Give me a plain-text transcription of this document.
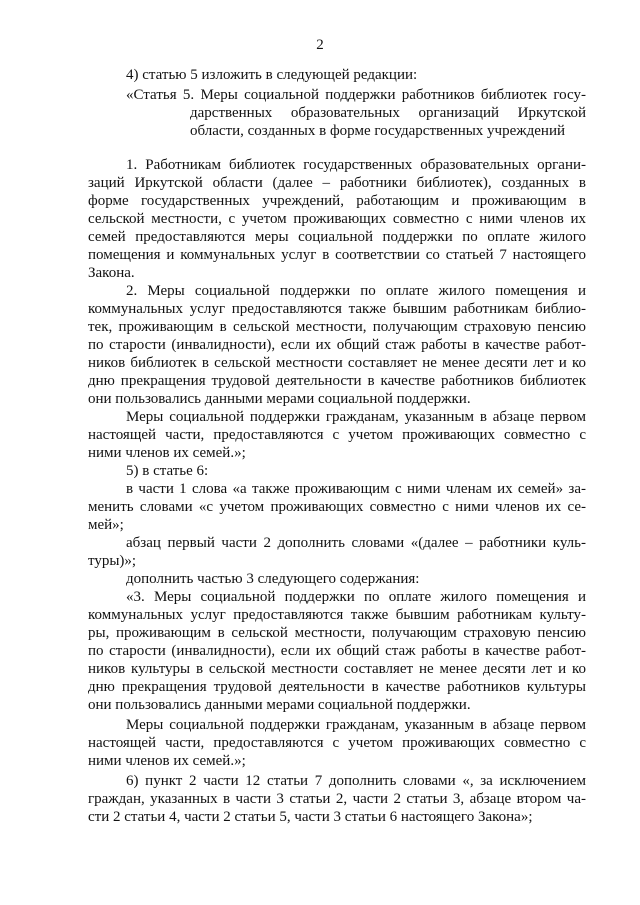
2
4) статью 5 изложить в следующей редакции:
«Статья 5. Меры социальной поддержки работников библиотек госу-
дарственных образовательных организаций Иркутской
области, созданных в форме государственных учреждений
1. Работникам библиотек государственных образовательных органи-
заций Иркутской области (далее – работники библиотек), созданных в
форме государственных учреждений, работающим и проживающим в
сельской местности, с учетом проживающих совместно с ними членов их
семей предоставляются меры социальной поддержки по оплате жилого
помещения и коммунальных услуг в соответствии со статьей 7 настоящего
Закона.
2. Меры социальной поддержки по оплате жилого помещения и
коммунальных услуг предоставляются также бывшим работникам библио-
тек, проживающим в сельской местности, получающим страховую пенсию
по старости (инвалидности), если их общий стаж работы в качестве работ-
ников библиотек в сельской местности составляет не менее десяти лет и ко
дню прекращения трудовой деятельности в качестве работников библиотек
они пользовались данными мерами социальной поддержки.
Меры социальной поддержки гражданам, указанным в абзаце первом
настоящей части, предоставляются с учетом проживающих совместно с
ними членов их семей.»;
5) в статье 6:
в части 1 слова «а также проживающим с ними членам их семей» за-
менить словами «с учетом проживающих совместно с ними членов их се-
мей»;
абзац первый части 2 дополнить словами «(далее – работники куль-
туры)»;
дополнить частью 3 следующего содержания:
«3. Меры социальной поддержки по оплате жилого помещения и
коммунальных услуг предоставляются также бывшим работникам культу-
ры, проживающим в сельской местности, получающим страховую пенсию
по старости (инвалидности), если их общий стаж работы в качестве работ-
ников культуры в сельской местности составляет не менее десяти лет и ко
дню прекращения трудовой деятельности в качестве работников культуры
они пользовались данными мерами социальной поддержки.
Меры социальной поддержки гражданам, указанным в абзаце первом
настоящей части, предоставляются с учетом проживающих совместно с
ними членов их семей.»;
6) пункт 2 части 12 статьи 7 дополнить словами «, за исключением
граждан, указанных в части 3 статьи 2, части 2 статьи 3, абзаце втором ча-
сти 2 статьи 4, части 2 статьи 5, части 3 статьи 6 настоящего Закона»;
